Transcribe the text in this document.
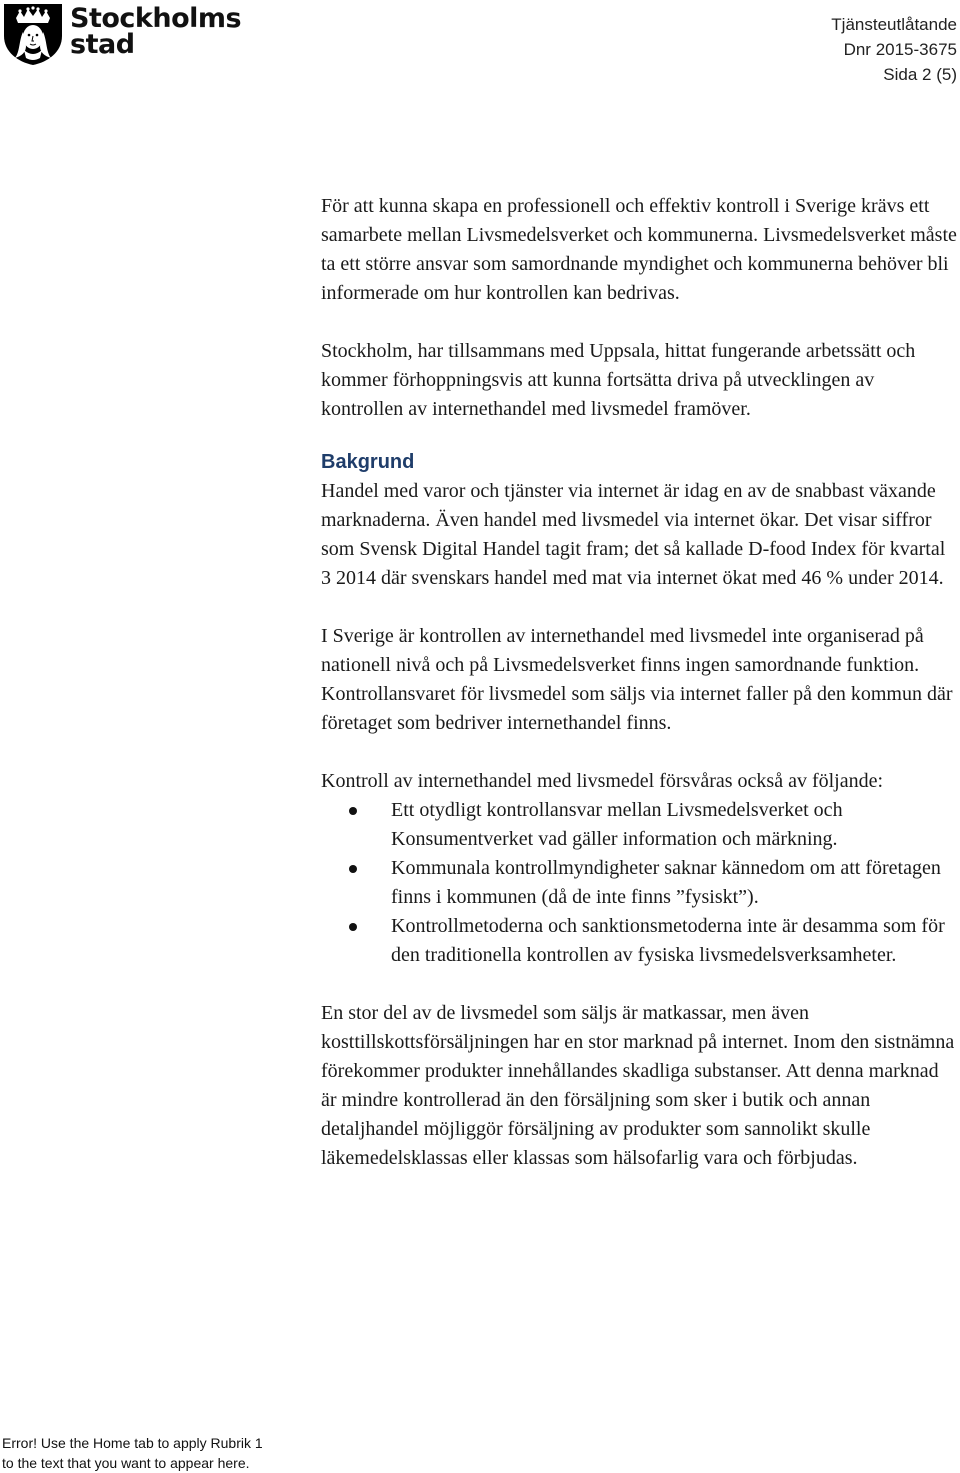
Stockholms
stad
Tjänsteutlåtande
Dnr 2015-3675
Sida 2 (5)

För att kunna skapa en professionell och effektiv kontroll i Sverige krävs ett samarbete mellan Livsmedelsverket och kommunerna. Livsmedelsverket måste ta ett större ansvar som samordnande myndighet och kommunerna behöver bli informerade om hur kontrollen kan bedrivas.

Stockholm, har tillsammans med Uppsala, hittat fungerande arbetssätt och kommer förhoppningsvis att kunna fortsätta driva på utvecklingen av kontrollen av internethandel med livsmedel framöver.

Bakgrund

Handel med varor och tjänster via internet är idag en av de snabbast växande marknaderna. Även handel med livsmedel via internet ökar. Det visar siffror som Svensk Digital Handel tagit fram; det så kallade D-food Index för kvartal 3 2014 där svenskars handel med mat via internet ökat med 46 % under 2014.

I Sverige är kontrollen av internethandel med livsmedel inte organiserad på nationell nivå och på Livsmedelsverket finns ingen samordnande funktion. Kontrollansvaret för livsmedel som säljs via internet faller på den kommun där företaget som bedriver internethandel finns.

Kontroll av internethandel med livsmedel försvåras också av följande:

Ett otydligt kontrollansvar mellan Livsmedelsverket och Konsumentverket vad gäller information och märkning.
Kommunala kontrollmyndigheter saknar kännedom om att företagen finns i kommunen (då de inte finns ”fysiskt”).
Kontrollmetoderna och sanktionsmetoderna inte är desamma som för den traditionella kontrollen av fysiska livsmedelsverksamheter.

En stor del av de livsmedel som säljs är matkassar, men även kosttillskottsförsäljningen har en stor marknad på internet. Inom den sistnämna förekommer produkter innehållandes skadliga substanser. Att denna marknad är mindre kontrollerad än den försäljning som sker i butik och annan detaljhandel möjliggör försäljning av produkter som sannolikt skulle läkemedelsklassas eller klassas som hälsofarlig vara och förbjudas.

Error! Use the Home tab to apply Rubrik 1
to the text that you want to appear here.
